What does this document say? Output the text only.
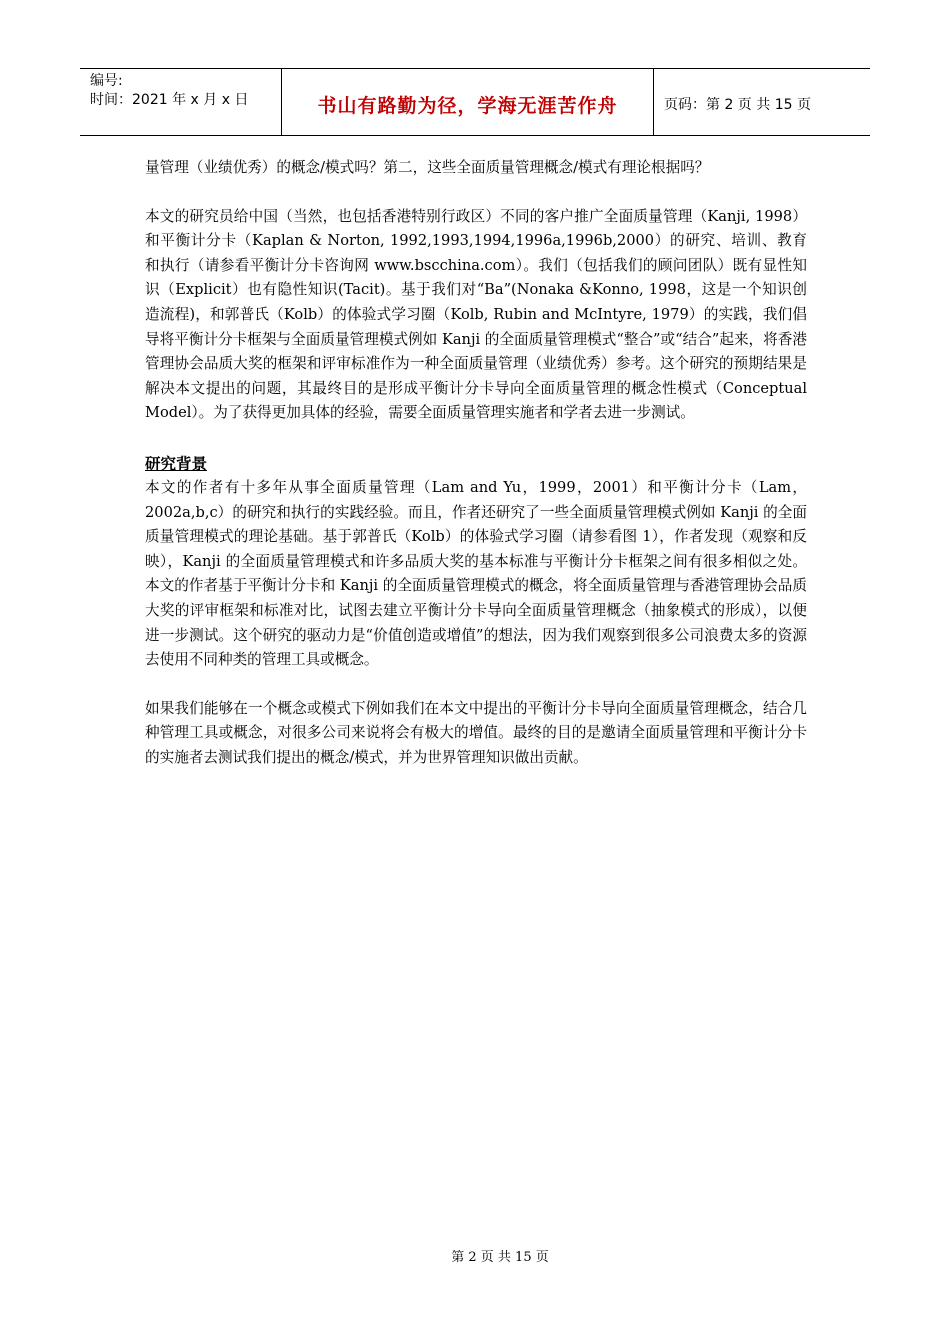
编号:
时间：2021 年 x 月 x 日	书山有路勤为径，学海无涯苦作舟	页码：第 2 页 共 15 页

量管理（业绩优秀）的概念/模式吗？第二，这些全面质量管理概念/模式有理论根据吗？

本文的研究员给中国（当然，也包括香港特别行政区）不同的客户推广全面质量管理（Kanji, 1998）和平衡计分卡（Kaplan & Norton, 1992,1993,1994,1996a,1996b,2000）的研究、培训、教育和执行（请参看平衡计分卡咨询网 www.bscchina.com）。我们（包括我们的顾问团队）既有显性知识（Explicit）也有隐性知识(Tacit)。基于我们对“Ba”(Nonaka &Konno, 1998，这是一个知识创造流程)，和郭普氏（Kolb）的体验式学习圈（Kolb, Rubin and McIntyre, 1979）的实践，我们倡导将平衡计分卡框架与全面质量管理模式例如 Kanji 的全面质量管理模式“整合”或“结合”起来，将香港管理协会品质大奖的框架和评审标准作为一种全面质量管理（业绩优秀）参考。这个研究的预期结果是解决本文提出的问题，其最终目的是形成平衡计分卡导向全面质量管理的概念性模式（Conceptual Model）。为了获得更加具体的经验，需要全面质量管理实施者和学者去进一步测试。

研究背景

本文的作者有十多年从事全面质量管理（Lam and Yu，1999，2001）和平衡计分卡（Lam，2002a,b,c）的研究和执行的实践经验。而且，作者还研究了一些全面质量管理模式例如 Kanji 的全面质量管理模式的理论基础。基于郭普氏（Kolb）的体验式学习圈（请参看图 1），作者发现（观察和反映），Kanji 的全面质量管理模式和许多品质大奖的基本标准与平衡计分卡框架之间有很多相似之处。本文的作者基于平衡计分卡和 Kanji 的全面质量管理模式的概念，将全面质量管理与香港管理协会品质大奖的评审框架和标准对比，试图去建立平衡计分卡导向全面质量管理概念（抽象模式的形成），以便进一步测试。这个研究的驱动力是“价值创造或增值”的想法，因为我们观察到很多公司浪费太多的资源去使用不同种类的管理工具或概念。

如果我们能够在一个概念或模式下例如我们在本文中提出的平衡计分卡导向全面质量管理概念，结合几种管理工具或概念，对很多公司来说将会有极大的增值。最终的目的是邀请全面质量管理和平衡计分卡的实施者去测试我们提出的概念/模式，并为世界管理知识做出贡献。

第 2 页 共 15 页
